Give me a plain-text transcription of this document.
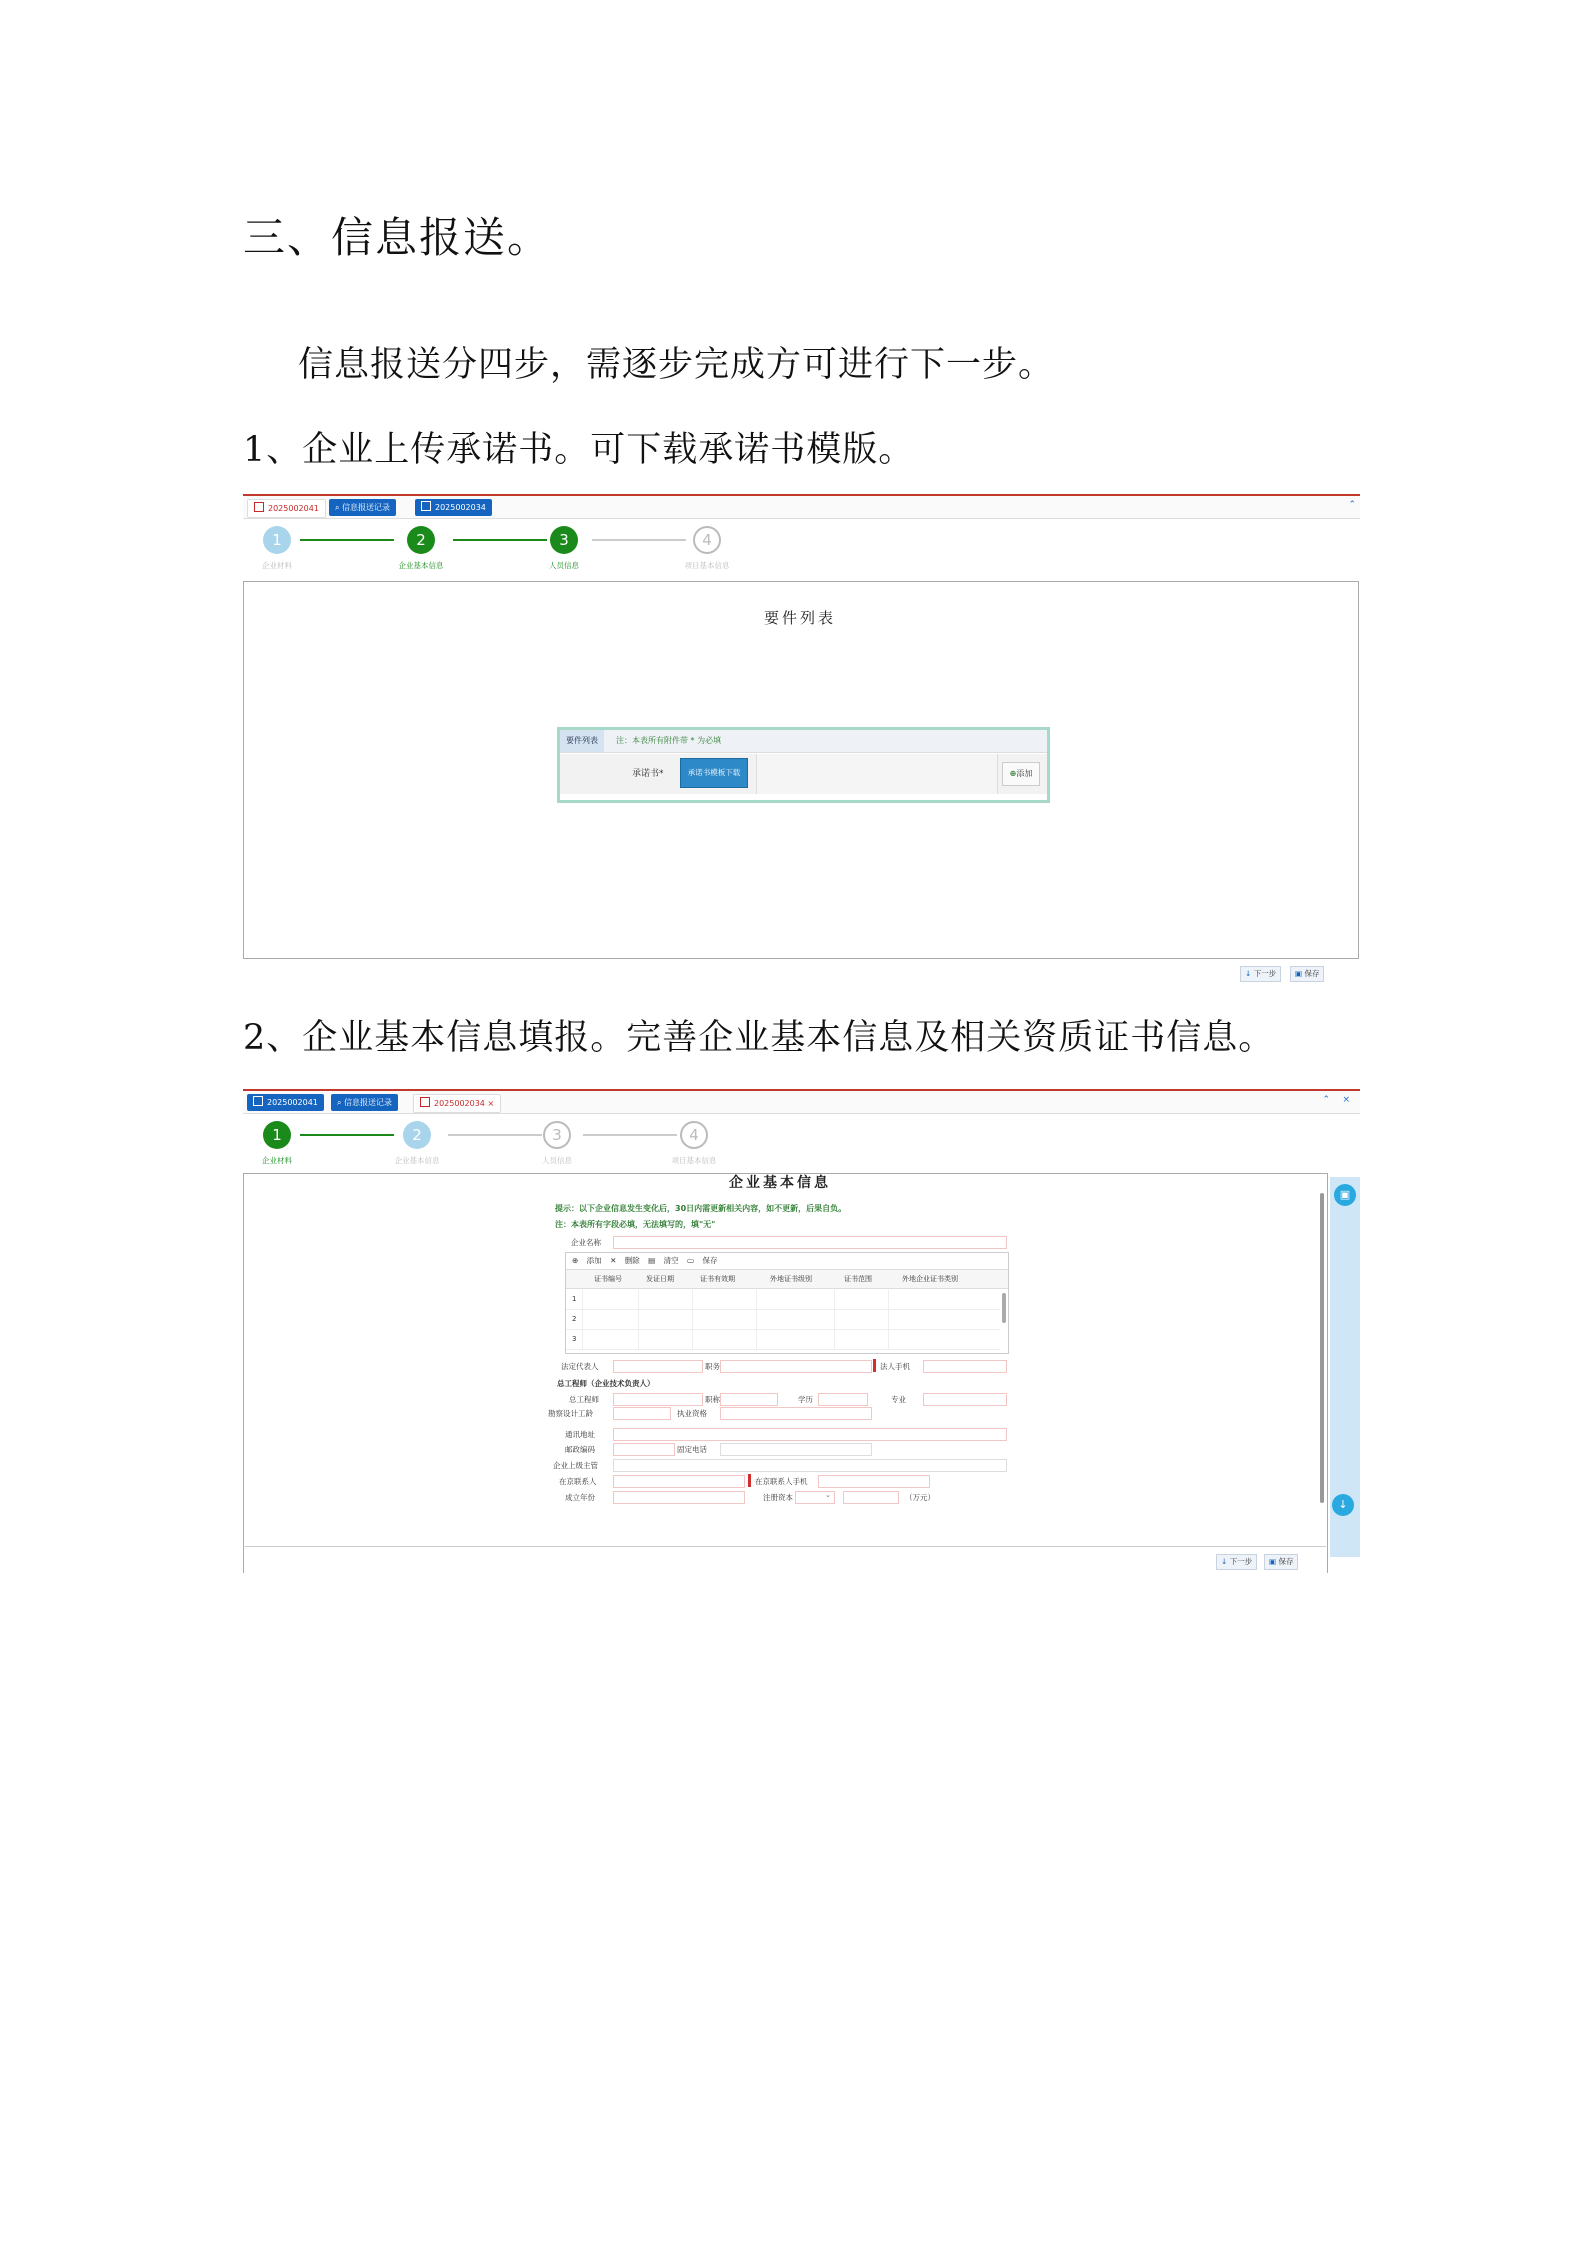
三、信息报送。
信息报送分四步，需逐步完成方可进行下一步。
1、企业上传承诺书。可下载承诺书模版。
2025002041	⌕ 信息报送记录	2025002034	⌃
1	2	3	4
企业材料	企业基本信息	人员信息	项目基本信息
要件列表
要件列表	注：本表所有附件带 * 为必填
承诺书*	承诺书模板下载	⊕添加
↓ 下一步	▣ 保存
2、企业基本信息填报。完善企业基本信息及相关资质证书信息。
2025002041	⌕ 信息报送记录	2025002034 ×	⌃ ×
1	2	3	4
企业材料	企业基本信息	人员信息	项目基本信息
▣
↓
企业基本信息
提示：以下企业信息发生变化后，30日内需更新相关内容，如不更新，后果自负。
注：本表所有字段必填，无法填写的，填"无"
企业名称
⊕ 添加 ✕ 删除 ▤ 清空 ▭ 保存
证书编号	发证日期	证书有效期	外地证书级别	证书范围	外地企业证书类别
1
2
3
法定代表人	职务	法人手机
总工程师（企业技术负责人）
总工程师	职称	学历	专业
勘察设计工龄	执业资格
通讯地址
邮政编码	固定电话
企业上级主管
在京联系人	在京联系人手机
成立年份	注册资本	⌄	（万元）
↓ 下一步	▣ 保存
